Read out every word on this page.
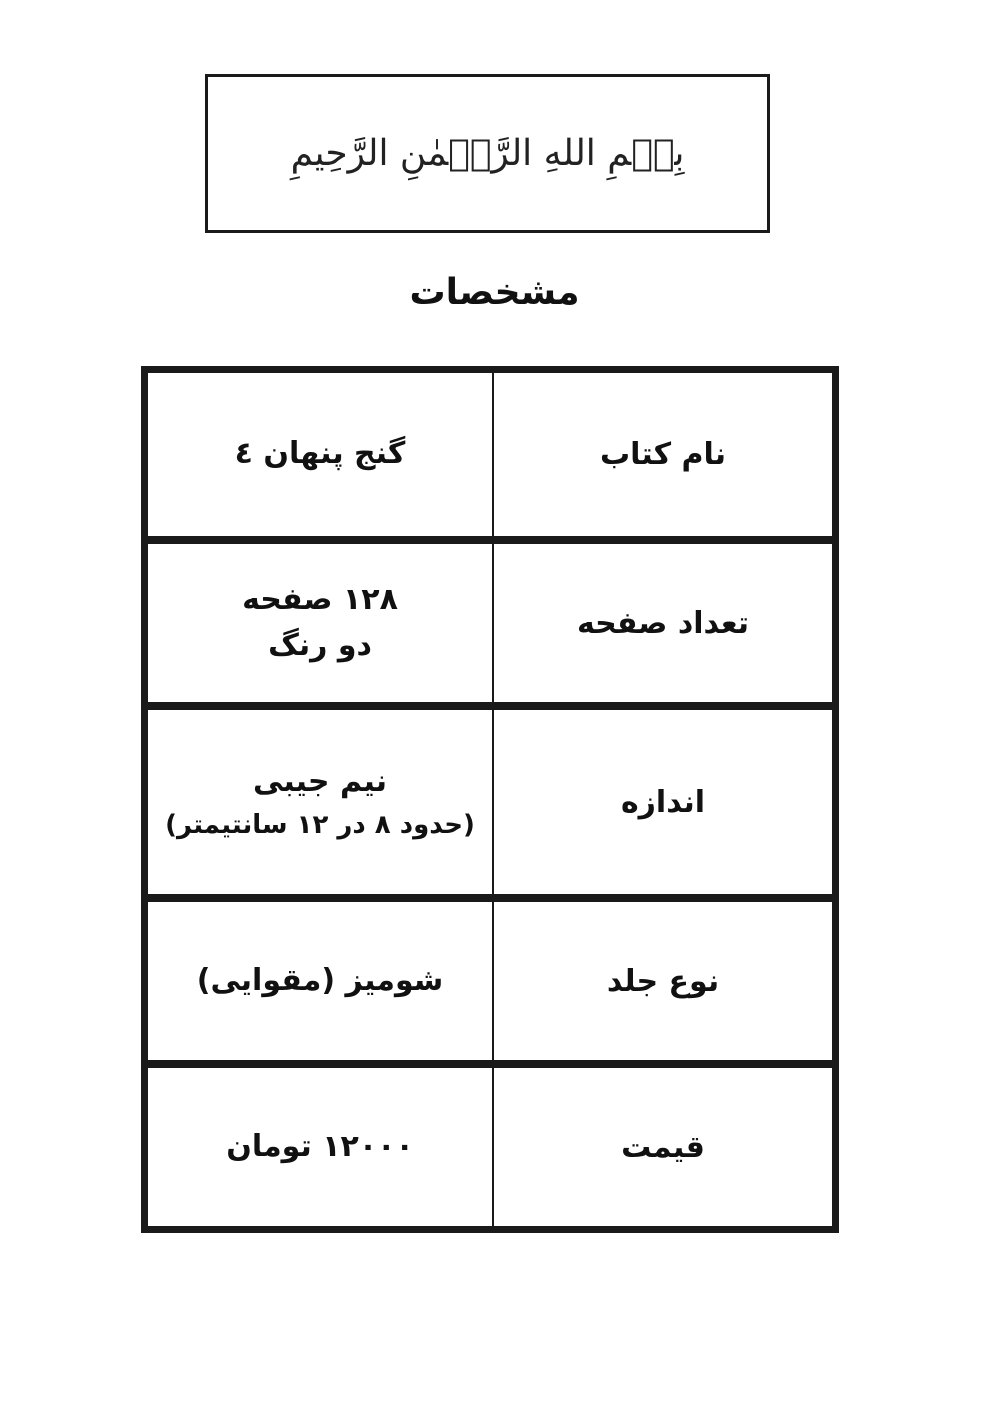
بِسۡمِ اللهِ الرَّحۡمٰنِ الرَّحِیمِ
مشخصات
نام کتاب
گنج پنهان ٤
تعداد صفحه
١٢٨ صفحه
دو رنگ
اندازه
نیم جیبی
(حدود ٨ در ١٢ سانتیمتر)
نوع جلد
شومیز (مقوایی)
قیمت
١٢٠٠٠ تومان
